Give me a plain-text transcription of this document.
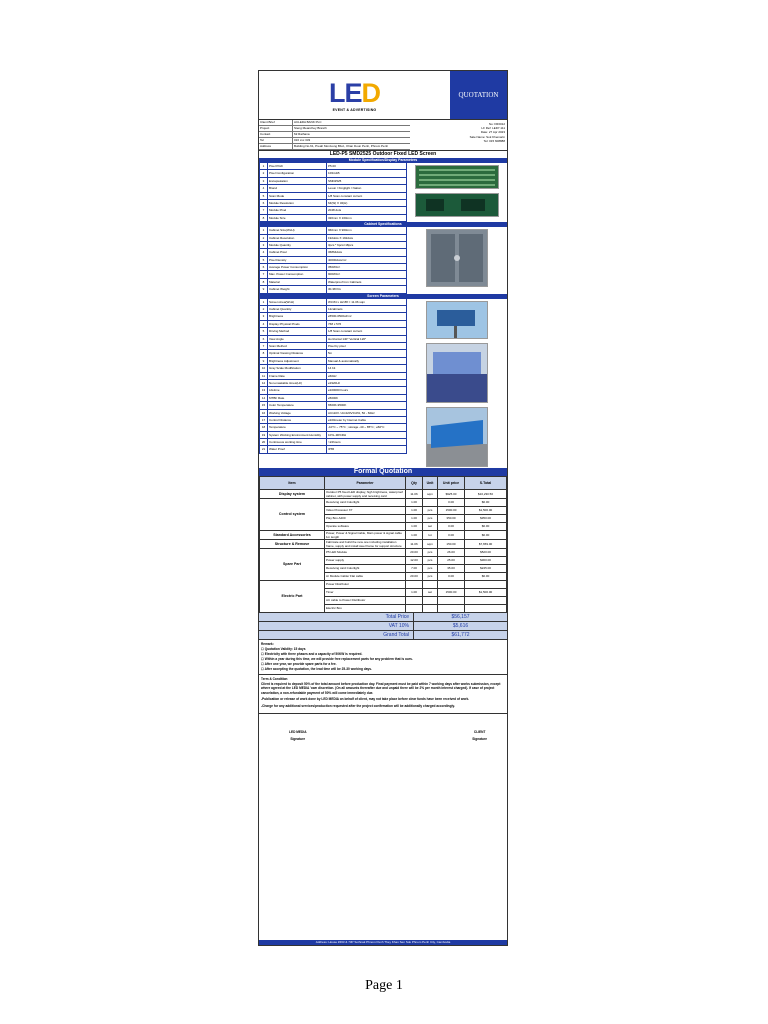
LED
EVENT & ADVERTISING
QUOTATION
Client Brief	ACLEDA BANK PLC
Project	Steng Meanchey Branch
Contact	Mr.Rathana
Tel	016 xxx 333
Address	Building No.61, Preah Monivong Blvd., Khan Doun Penh, Phnom Penh
No: FR0012
LF Ref: LED7.111
Date: 27 Apr 2023
Sale Name: Sok Khemarin
Tel: 015 608888
LED-P5 SMD2525 Outdoor Fixed LED Screen
Module Specification/Display Parameters
1	Pixel Pitch	P5.00
2	Pixel Configuration	1R1G1B
3	Encapsulation	SMD2525
4	Brand	Lesun / Kinglight / Nation
5	Scan Mode	1/8 Scan constant current
6	Module Resolution	64(W) X 32(H)
7	Module Pixel	2048 dots
8	Module Size	320mm X 160mm
Cabinet Specifications
1	Cabinet Size(WxH)	960mm X 960mm
2	Cabinet Resolution	192dots X 192dots
3	Module Quantity	3pcs * 6pcs=18pcs
4	Cabinet Pixel	36864dots
5	Pixel Density	40000dots/m²
6	Average Power Consumption	350W/m²
7	Max. Power Consumption	900W/m²
8	Material	Waterproof Iron Cabinets
9	Cabinet Weight	30-38 KG
Screen Parameters
1	Screen Area(WxH)	W3.84 x H2.88 = 11.06 sqm
2	Cabinet Quantity	12cabinets
3	Brightness	≥5500-6500cd/m²
4	Display Physical Pixels	768 x 576
5	Driving Method	1/8 Scan constant current
6	View Angle	Horizontal 140° Vertical 120°
7	Scan Method	Pixel by pixel
8	Optimal Viewing Distance	5m
9	Brightness Adjustment	Manual & automatically
10	Gray Scale Modification	14 bit
11	Frame Rate	≥60Hz
12	Non-maskable times(Hz)	≥1920Hz
13	Lifetime	≥100000 hours
14	MTBF Rate	≥5000h
15	Color Temperature	6500K-9500K
16	Working Voltage	AC110V / AC220V±10%, 50 - 60Hz
17	Control Distance	≥100meter by Internet Cable
18	Temperature	-10°C ~ 75°C ; storage -40 ~ 85°C ; ≥60°C
19	System Working Environment Humidity	10%~90%RH
20	Continuous working time	>24hours
21	Water Proof	IP65
Formal Quotation
Item	Parameter	Qty	Unit	Unit price	S.Total
Display system	Outdoor P5 fixed LED display, high brightness, waterproof cabinet, with power supply and receiving card	11.06	sqm	$925.00	$10,230.50
Control system	Receiving card Colorlight	1.00		0.00	$0.00
	Video Processor X7	1.00	pcs	1500.00	$1,500.00
	Play Box A200	1.00	pcs	350.00	$350.00
	Operate software	1.00	set	0.00	$0.00
Standard Accessories	Power, Power & Signal Cable, Main power & signal cable 1m length	1.00	lot	0.00	$0.00
Structure & Remove	Fabricate and build the new one including installation frame, supply and install steel frame for support structure	11.06	sqm	150.00	$7,659.00
Spare Part	P5 LED Module	20.00	pcs	26.00	$520.00
	Power supply	12.00	pcs	25.00	$300.00
	Receiving card Colorlight	7.00	pcs	35.00	$245.00
	Ar Module Cable/ Flat cable	20.00	pcs	0.00	$0.00
Electric Part	Power Distributor				
	Timer	1.00	set	1500.00	$1,500.00
	AC cable to Power Distributor				
	Electric Box				
Total Price	$56,157
VAT 10%	$5,616
Grand Total	$61,772
Remark:
☐ Quotation Validity: 15 days
☐ Electricity with three phases and a capacity of 50KW is required.
☐ Within a year during this time, we will provide free replacement parts for any problem that is ours.
☐ After one year, we provide spare parts for a fee.
☐ After accepting the quotation, the lead time will be 25-30 working days.
Term & Condition
Client is required to deposit 50% of the total amount before production day. Final payment must be paid within 7 working days after works submission, except where agreed at the LED MEDIA 'own discretion. (On all amounts thereafter due and unpaid there will be 2% per month interest charged). If case of project cancelation, a non-refundable payment of 50% will come immediately due.
-Publication or release of work done by LED MEDIA on behalf of client, may not take place before clear funds have been received of work.
-Charge for any additional services/production requested after the project confirmation will be additionally charged accordingly.
LED MEDIA
Signature
CLIENT
Signature
Address: House #463 & 73P Sothnak Phnom Penh They Khan Sen Sok Phnom Penh City, Cambodia
Page 1
